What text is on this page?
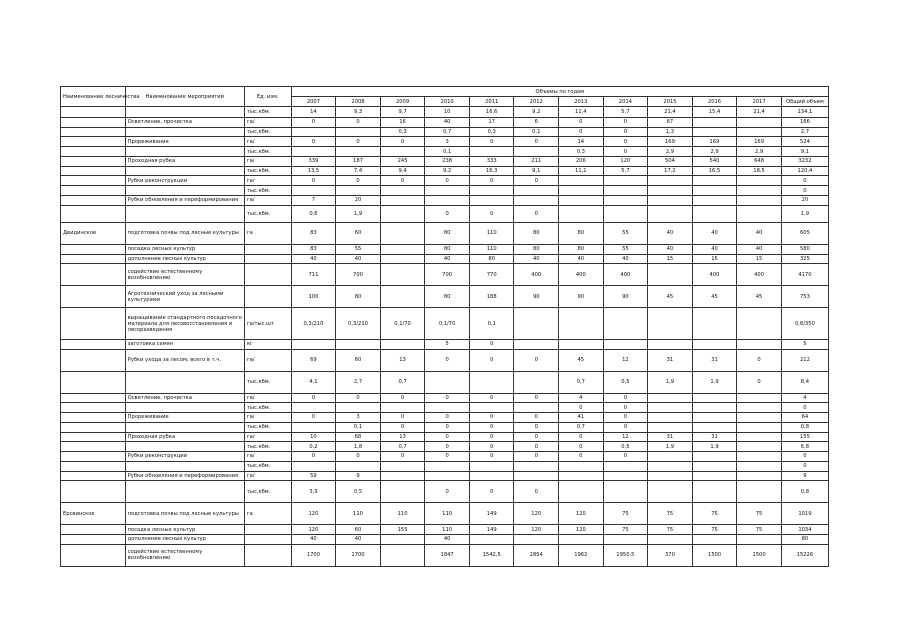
Наименование лесничества	Наименование мероприятий	Ед. изм.	Объемы по годам											
			2007	2008	2009	2010	2011	2012	2013	2014	2015	2016	2017	Общий объем
		тыс.кбм.	14	9,3	9,7	10	16,6	9,2	11,4	5,7	21,4	15,4	21,4	134,1
	Осветление, прочистка	га/	0	0	16	40	17	6	0	0	87			166
		тыс.кбм.			0,3	0,7	0,3	0,1	0	0	1,3			2,7
	Прореживание	га/	0	0	0	3	0	0	14	0	169	169	169	524
		тыс.кбм.				0,1			0,3	0	2,9	2,9	2,9	9,1
	Проходная рубка	га/	339	187	245	238	333	211	206	120	504	540	648	3232
		тыс.кбм.	13,5	7,4	9,4	9,2	16,3	9,1	11,1	5,7	17,2	16,5	18,5	120,4
	Рубки реконструкции	га/	0	0	0	0	0	0						0
		тыс.кбм.												0
	Рубки обновления и переформирования	га/	7	20										20
		тыс.кбм.	0,6	1,9		0	0	0						1,9
Двидинское	подготовка почвы под лесные культуры	га	83	60		80	110	80	80	55	40	40	40	605
	посадка лесных культур		83	55		80	110	80	80	55	40	40	40	580
	дополнение лесных культур		40	40		40	80	40	40	40	15	15	15	325
	содействие естественному возобновлению		711	700		700	770	400	400	400		400	400	4170
	Агротехнический уход за лесными культурами		100	80		80	188	90	90	90	45	45	45	753
	выращивание стандартного посадочного материала для лесовосстановления и лесоразведения	га/тыс.шт	0,3/210	0,3/210	0,1/70	0,1/70	0,1							0,8/350
	заготовка семян	кг				5	0							5
	Рубки ухода за лесом, всего в т.ч.	га/	69	60	13	0	0	0	45	12	31	31	0	212
		тыс.кбм.	4,1	2,7	0,7				0,7	0,5	1,9	1,9	0	8,4
	Осветление, прочистка	га/	0	0	0	0	0	0	4	0				4
		тыс.кбм.							0	0				0
	Прореживание	га/	0	3	0	0	0	0	41	0				64
		тыс.кбм.		0,1	0	0	0	0	0,7	0				0,8
	Проходная рубка	га/	10	68	13	0	0	0	0	12	31	31		155
		тыс.кбм.	0,2	1,8	0,7	0	0	0	0	0,5	1,9	1,9		6,8
	Рубки реконструкции	га/	0	0	0	0	0	0	0	0				0
		тыс.кбм.												0
	Рубки обновления и переформирования	га/	59	9										9
		тыс.кбм.	3,9	0,5		0	0	0						0,8
Ерсвинское	подготовка почвы под лесные культуры	га	120	110	110	110	149	120	120	75	75	75	75	1019
	посадка лесных культур		120	60	155	110	149	120	120	75	75	75	75	1034
	дополнение лесных культур		40	40		40								80
	содействие естественному возобновлению		1700	1700		1847	1542,5	2854	1962	1950,5	370	1500	1500	15226
